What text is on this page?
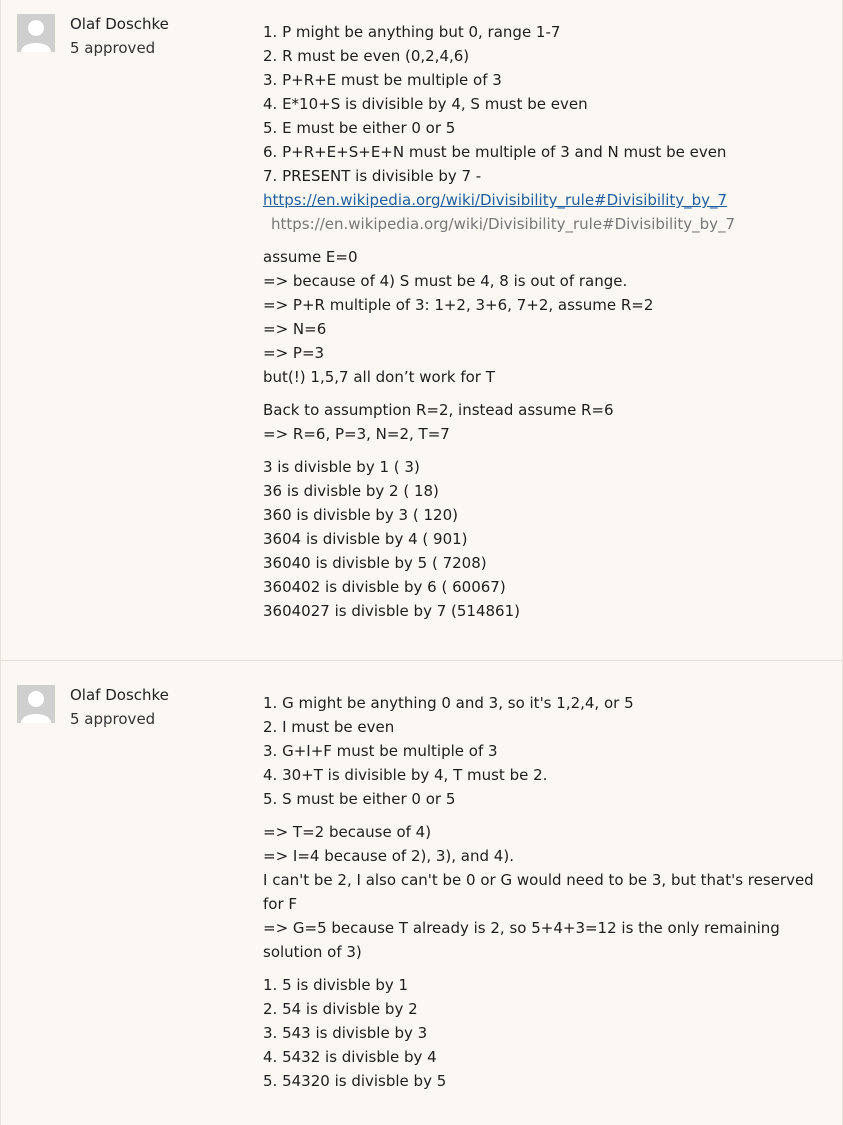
Olaf Doschke
5 approved
1. P might be anything but 0, range 1-7
2. R must be even (0,2,4,6)
3. P+R+E must be multiple of 3
4. E*10+S is divisible by 4, S must be even
5. E must be either 0 or 5
6. P+R+E+S+E+N must be multiple of 3 and N must be even
7. PRESENT is divisible by 7 -
https://en.wikipedia.org/wiki/Divisibility_rule#Divisibility_by_7
https://en.wikipedia.org/wiki/Divisibility_rule#Divisibility_by_7
assume E=0
=> because of 4) S must be 4, 8 is out of range.
=> P+R multiple of 3: 1+2, 3+6, 7+2, assume R=2
=> N=6
=> P=3
but(!) 1,5,7 all don’t work for T
Back to assumption R=2, instead assume R=6
=> R=6, P=3, N=2, T=7
3 is divisble by 1 ( 3)
36 is divisble by 2 ( 18)
360 is divisble by 3 ( 120)
3604 is divisble by 4 ( 901)
36040 is divisble by 5 ( 7208)
360402 is divisble by 6 ( 60067)
3604027 is divisble by 7 (514861)
Olaf Doschke
5 approved
1. G might be anything 0 and 3, so it's 1,2,4, or 5
2. I must be even
3. G+I+F must be multiple of 3
4. 30+T is divisible by 4, T must be 2.
5. S must be either 0 or 5
=> T=2 because of 4)
=> I=4 because of 2), 3), and 4).
I can't be 2, I also can't be 0 or G would need to be 3, but that's reserved for F
=> G=5 because T already is 2, so 5+4+3=12 is the only remaining solution of 3)
1. 5 is divisble by 1
2. 54 is divisble by 2
3. 543 is divisble by 3
4. 5432 is divisble by 4
5. 54320 is divisble by 5
